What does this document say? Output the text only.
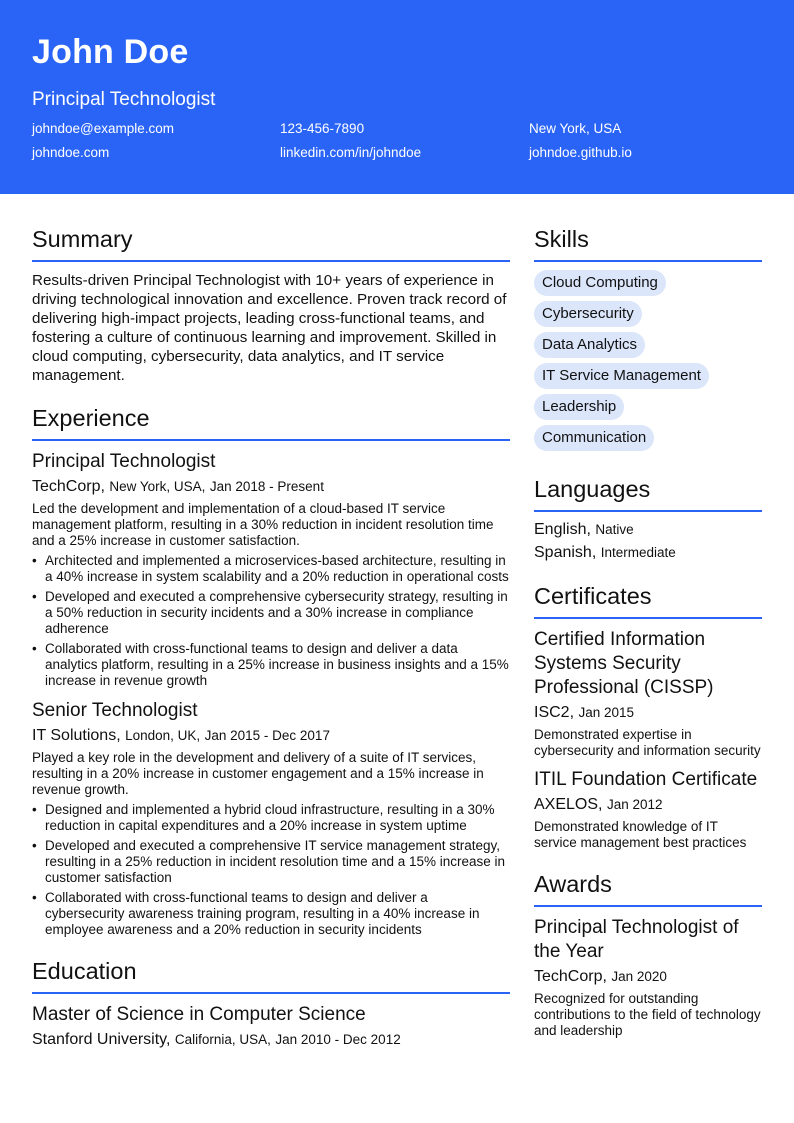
John Doe
Principal Technologist
johndoe@example.com	123-456-7890	New York, USA
johndoe.com	linkedin.com/in/johndoe	johndoe.github.io
Summary

Results-driven Principal Technologist with 10+ years of experience in driving technological innovation and excellence. Proven track record of delivering high-impact projects, leading cross-functional teams, and fostering a culture of continuous learning and improvement. Skilled in cloud computing, cybersecurity, data analytics, and IT service management.

Experience
Principal Technologist
TechCorp, New York, USA, Jan 2018 - Present

Led the development and implementation of a cloud-based IT service management platform, resulting in a 30% reduction in incident resolution time and a 25% increase in customer satisfaction.

• Architected and implemented a microservices-based architecture, resulting in a 40% increase in system scalability and a 20% reduction in operational costs
• Developed and executed a comprehensive cybersecurity strategy, resulting in a 50% reduction in security incidents and a 30% increase in compliance adherence
• Collaborated with cross-functional teams to design and deliver a data analytics platform, resulting in a 25% increase in business insights and a 15% increase in revenue growth
Senior Technologist
IT Solutions, London, UK, Jan 2015 - Dec 2017

Played a key role in the development and delivery of a suite of IT services, resulting in a 20% increase in customer engagement and a 15% increase in revenue growth.

• Designed and implemented a hybrid cloud infrastructure, resulting in a 30% reduction in capital expenditures and a 20% increase in system uptime
• Developed and executed a comprehensive IT service management strategy, resulting in a 25% reduction in incident resolution time and a 15% increase in customer satisfaction
• Collaborated with cross-functional teams to design and deliver a cybersecurity awareness training program, resulting in a 40% increase in employee awareness and a 20% reduction in security incidents
Education
Master of Science in Computer Science
Stanford University, California, USA, Jan 2010 - Dec 2012
Skills
Cloud Computing
Cybersecurity
Data Analytics
IT Service Management
Leadership
Communication
Languages
English, Native
Spanish, Intermediate
Certificates
Certified Information Systems Security Professional (CISSP)
ISC2, Jan 2015

Demonstrated expertise in cybersecurity and information security

ITIL Foundation Certificate
AXELOS, Jan 2012

Demonstrated knowledge of IT service management best practices

Awards
Principal Technologist of the Year
TechCorp, Jan 2020

Recognized for outstanding contributions to the field of technology and leadership
